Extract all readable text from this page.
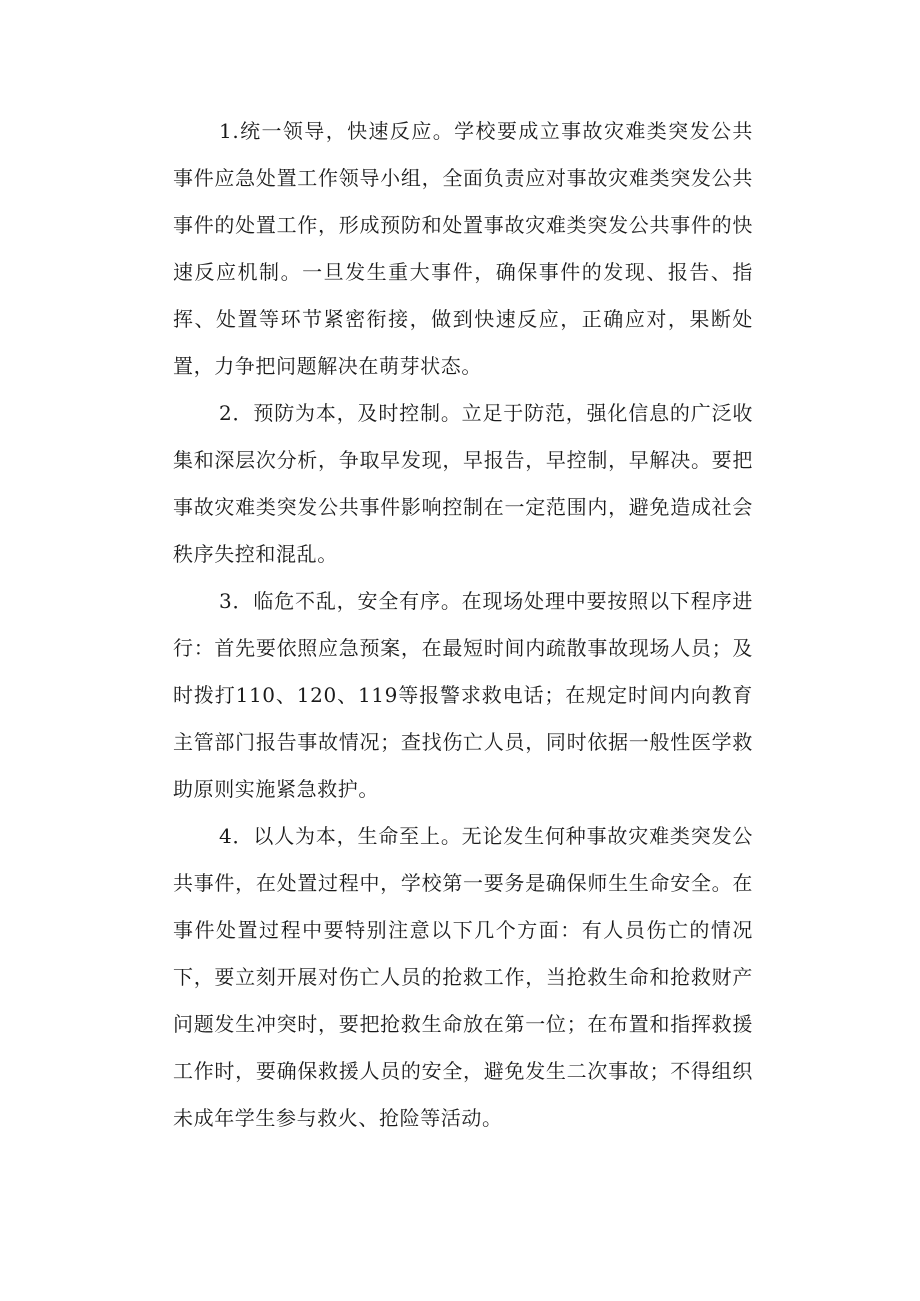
1.统一领导，快速反应。学校要成立事故灾难类突发公共事件应急处置工作领导小组，全面负责应对事故灾难类突发公共事件的处置工作，形成预防和处置事故灾难类突发公共事件的快速反应机制。一旦发生重大事件，确保事件的发现、报告、指挥、处置等环节紧密衔接，做到快速反应，正确应对，果断处置，力争把问题解决在萌芽状态。

2．预防为本，及时控制。立足于防范，强化信息的广泛收集和深层次分析，争取早发现，早报告，早控制，早解决。要把事故灾难类突发公共事件影响控制在一定范围内，避免造成社会秩序失控和混乱。

3．临危不乱，安全有序。在现场处理中要按照以下程序进行：首先要依照应急预案，在最短时间内疏散事故现场人员；及时拨打110、120、119等报警求救电话；在规定时间内向教育主管部门报告事故情况；查找伤亡人员，同时依据一般性医学救助原则实施紧急救护。

4．以人为本，生命至上。无论发生何种事故灾难类突发公共事件，在处置过程中，学校第一要务是确保师生生命安全。在事件处置过程中要特别注意以下几个方面：有人员伤亡的情况下，要立刻开展对伤亡人员的抢救工作，当抢救生命和抢救财产问题发生冲突时，要把抢救生命放在第一位；在布置和指挥救援工作时，要确保救援人员的安全，避免发生二次事故；不得组织未成年学生参与救火、抢险等活动。
